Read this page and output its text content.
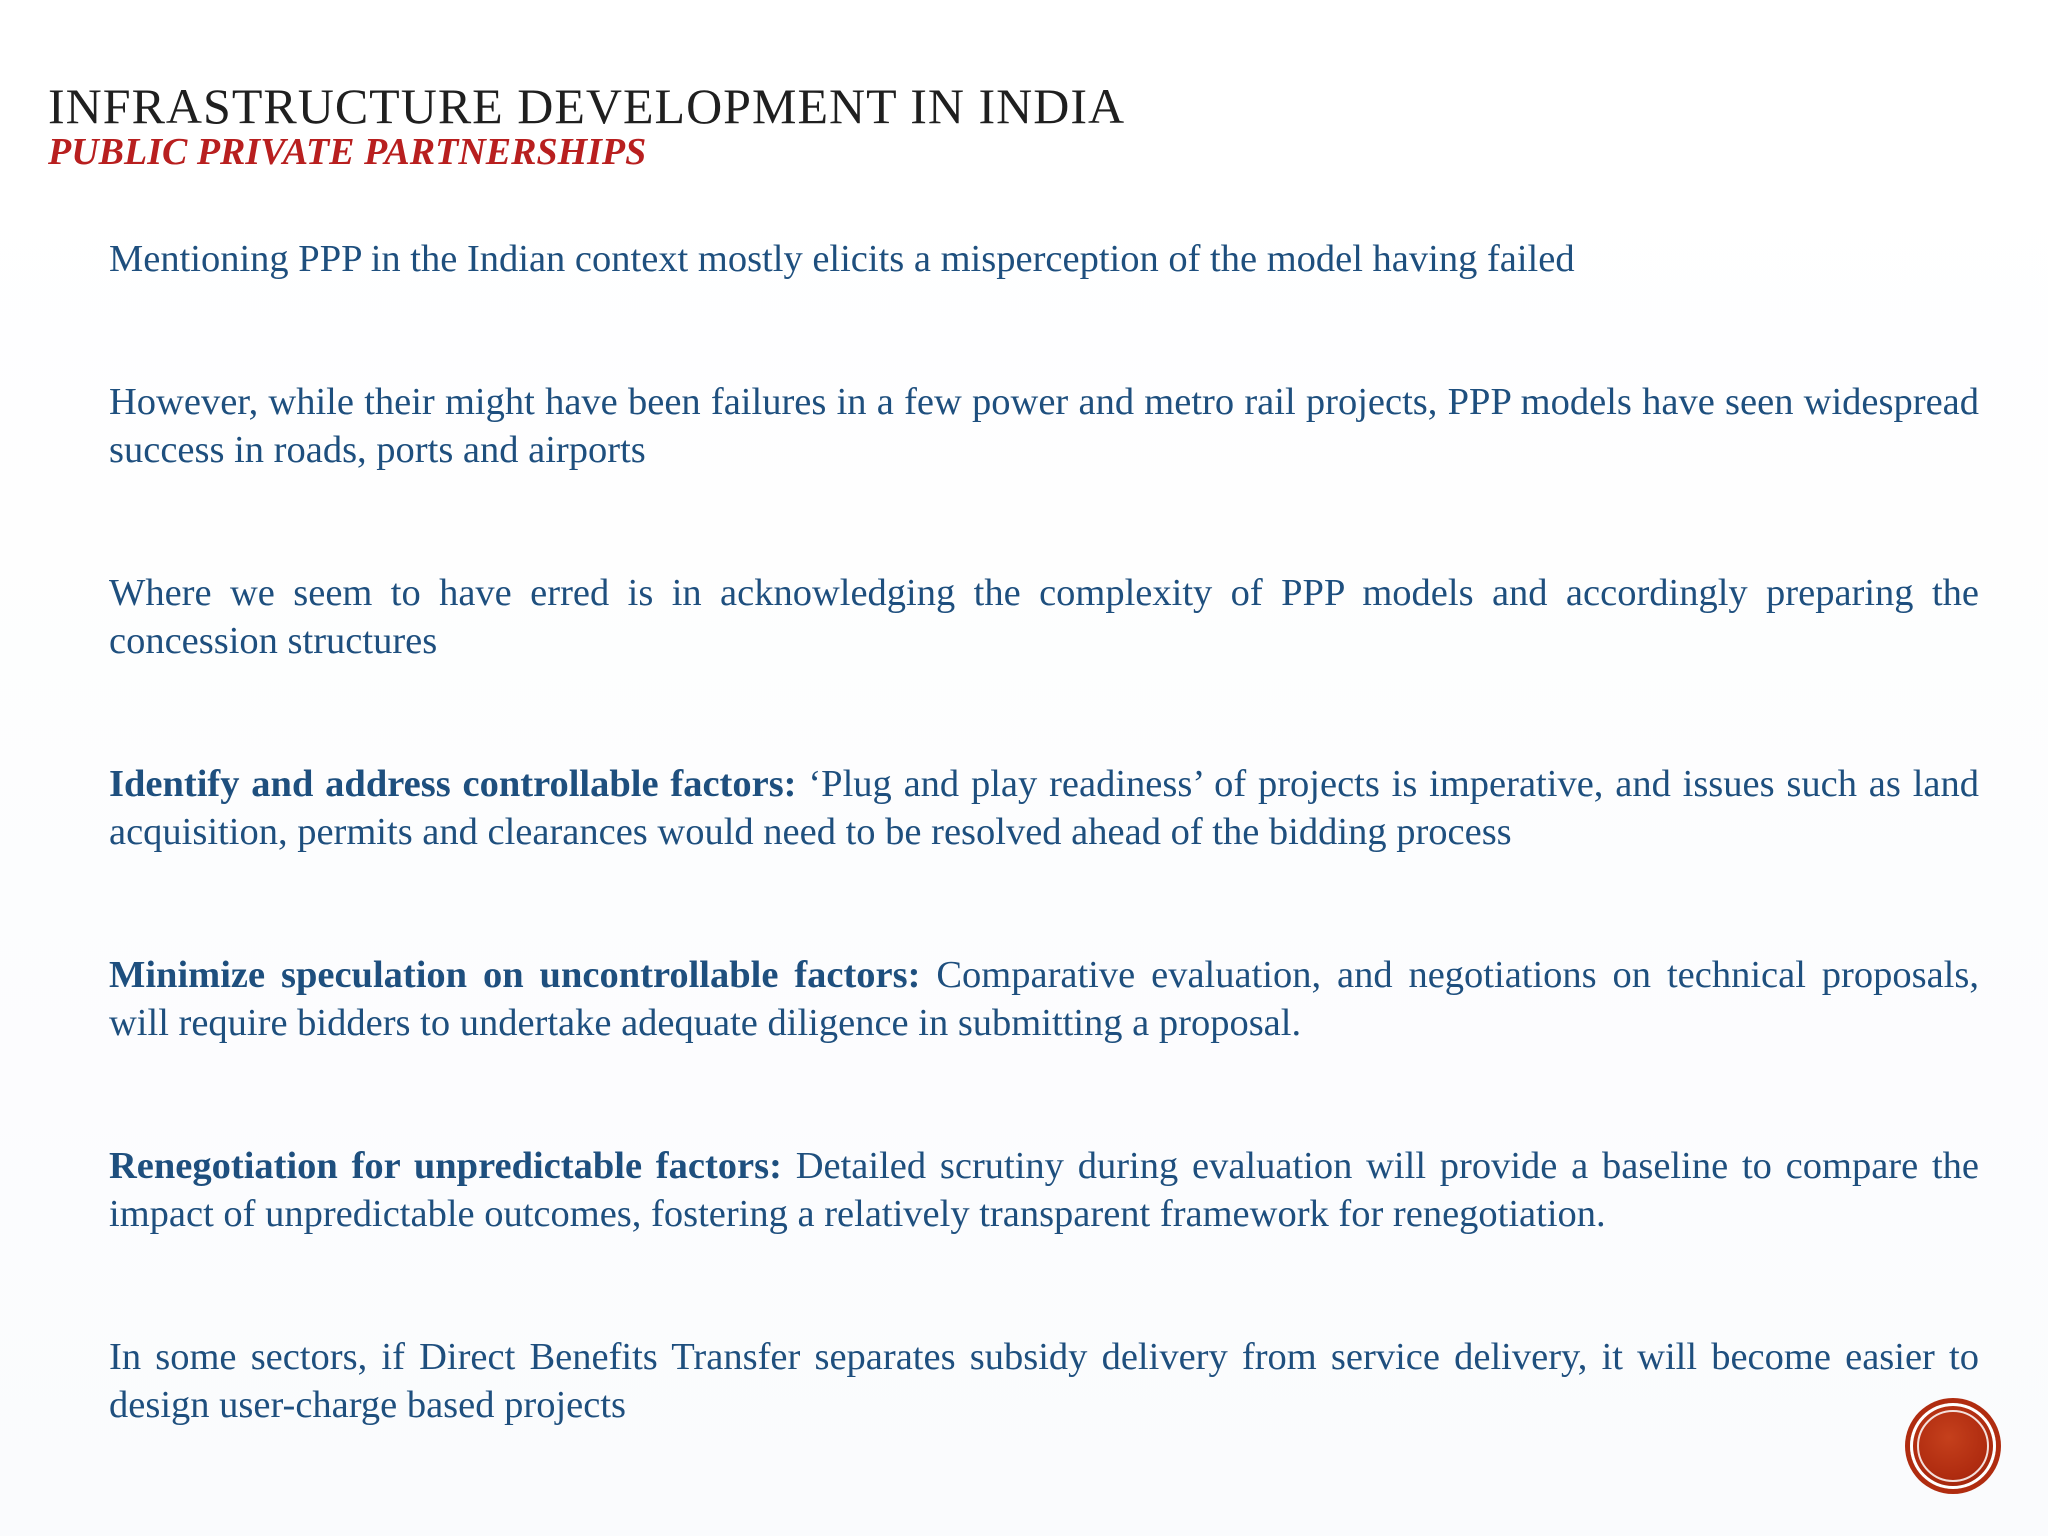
INFRASTRUCTURE DEVELOPMENT IN INDIA
PUBLIC PRIVATE PARTNERSHIPS

Mentioning PPP in the Indian context mostly elicits a misperception of the model having failed

However, while their might have been failures in a few power and metro rail projects, PPP models have seen widespread success in roads, ports and airports

Where we seem to have erred is in acknowledging the complexity of PPP models and accordingly preparing the concession structures

Identify and address controllable factors: ‘Plug and play readiness’ of projects is imperative, and issues such as land acquisition, permits and clearances would need to be resolved ahead of the bidding process

Minimize speculation on uncontrollable factors: Comparative evaluation, and negotiations on technical proposals, will require bidders to undertake adequate diligence in submitting a proposal.

Renegotiation for unpredictable factors: Detailed scrutiny during evaluation will provide a baseline to compare the impact of unpredictable outcomes, fostering a relatively transparent framework for renegotiation.

In some sectors, if Direct Benefits Transfer separates subsidy delivery from service delivery, it will become easier to design user-charge based projects
